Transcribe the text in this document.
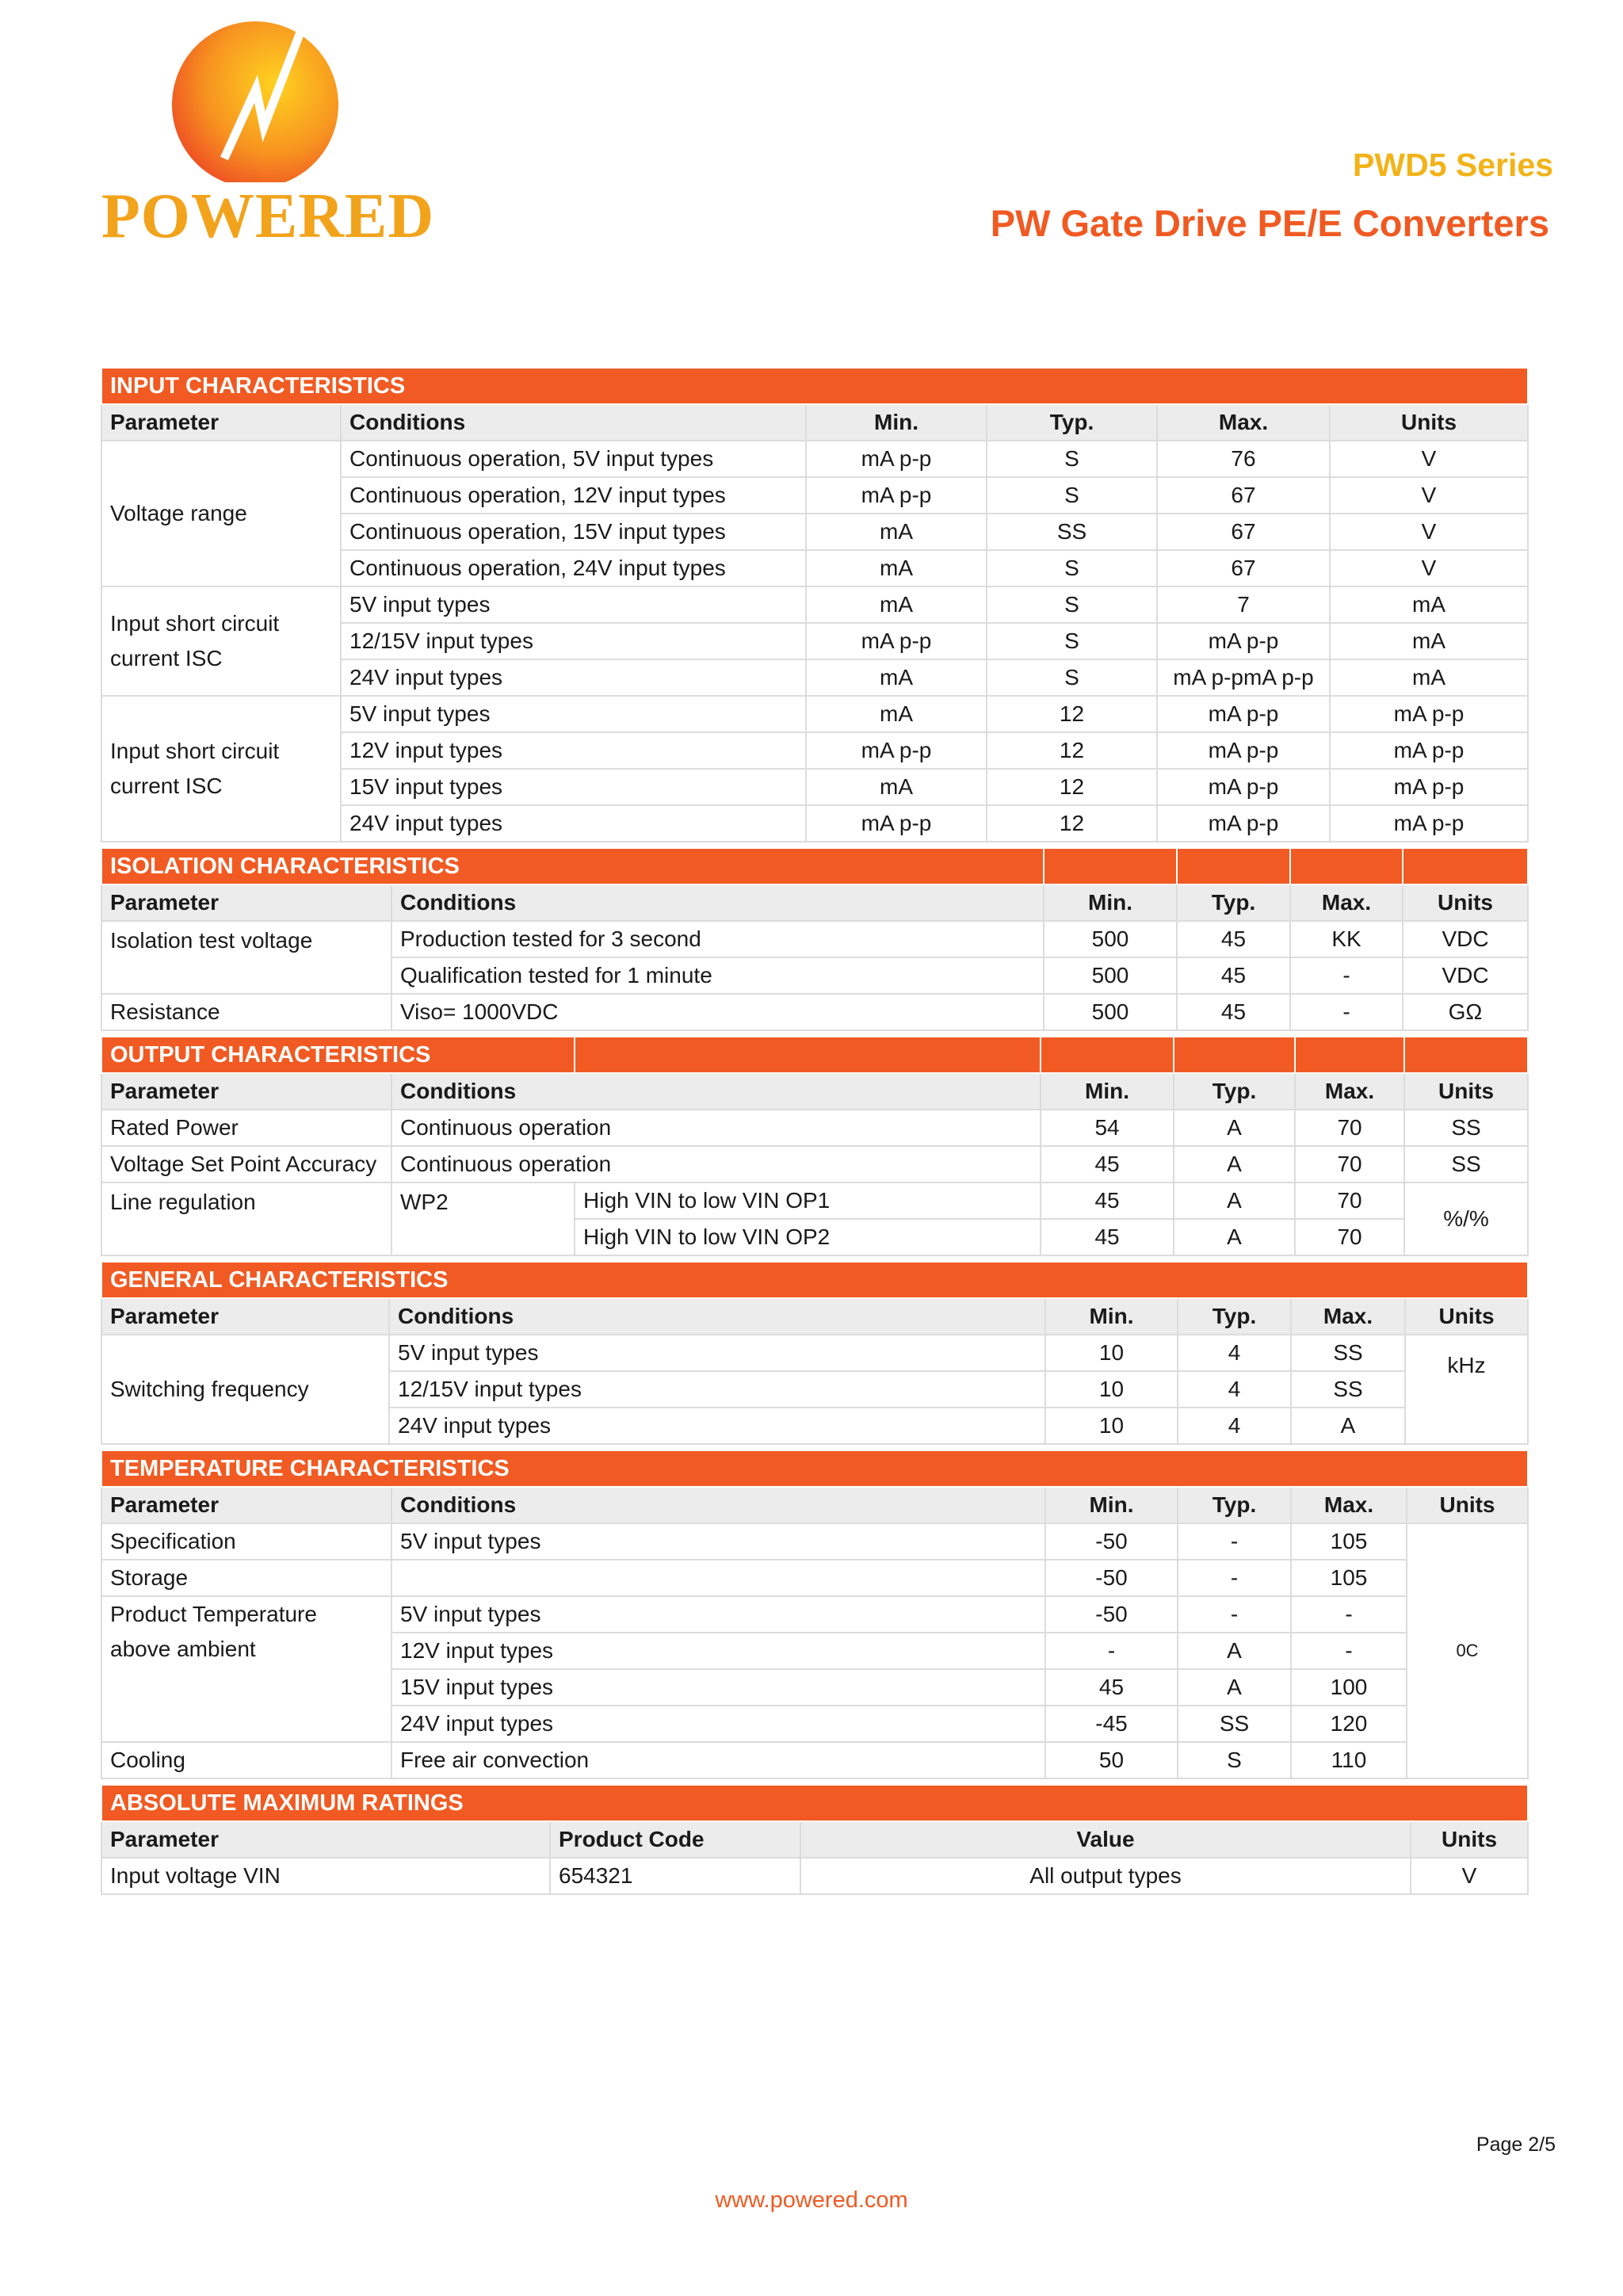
POWERED
PWD5 Series
PW Gate Drive PE/E Converters
INPUT CHARACTERISTICS					
Parameter	Conditions	Min.	Typ.	Max.	Units
Voltage range	Continuous operation, 5V input types	mA p-p	S	76	V
	Continuous operation, 12V input types	mA p-p	S	67	V
	Continuous operation, 15V input types	mA	SS	67	V
	Continuous operation, 24V input types	mA	S	67	V
Input short circuit current ISC	5V input types	mA	S	7	mA
	12/15V input types	mA p-p	S	mA p-p	mA
	24V input types	mA	S	mA p-pmA p-p	mA
Input short circuit current ISC	5V input types	mA	12	mA p-p	mA p-p
	12V input types	mA p-p	12	mA p-p	mA p-p
	15V input types	mA	12	mA p-p	mA p-p
	24V input types	mA p-p	12	mA p-p	mA p-p
ISOLATION CHARACTERISTICS					
Parameter	Conditions	Min.	Typ.	Max.	Units
Isolation test voltage	Production tested for 3 second	500	45	KK	VDC
	Qualification tested for 1 minute	500	45	-	VDC
Resistance	Viso= 1000VDC	500	45	-	GΩ
OUTPUT CHARACTERISTICS						
Parameter	Conditions		Min.	Typ.	Max.	Units
Rated Power	Continuous operation		54	A	70	SS
Voltage Set Point Accuracy	Continuous operation		45	A	70	SS
Line regulation	WP2	High VIN to low VIN OP1	45	A	70	%/%
		High VIN to low VIN OP2	45	A	70	
GENERAL CHARACTERISTICS					
Parameter	Conditions	Min.	Typ.	Max.	Units
Switching frequency	5V input types	10	4	SS	kHz
	12/15V input types	10	4	SS	
	24V input types	10	4	A	
TEMPERATURE CHARACTERISTICS					
Parameter	Conditions	Min.	Typ.	Max.	Units
Specification	5V input types	-50	-	105	0C
Storage		-50	-	105	
Product Temperature above ambient	5V input types	-50	-	-	
	12V input types	-	A	-	
	15V input types	45	A	100	
	24V input types	-45	SS	120	
Cooling	Free air convection	50	S	110	
ABSOLUTE MAXIMUM RATINGS			
Parameter	Product Code	Value	Units
Input voltage VIN	654321	All output types	V
Page 2/5
www.powered.com
